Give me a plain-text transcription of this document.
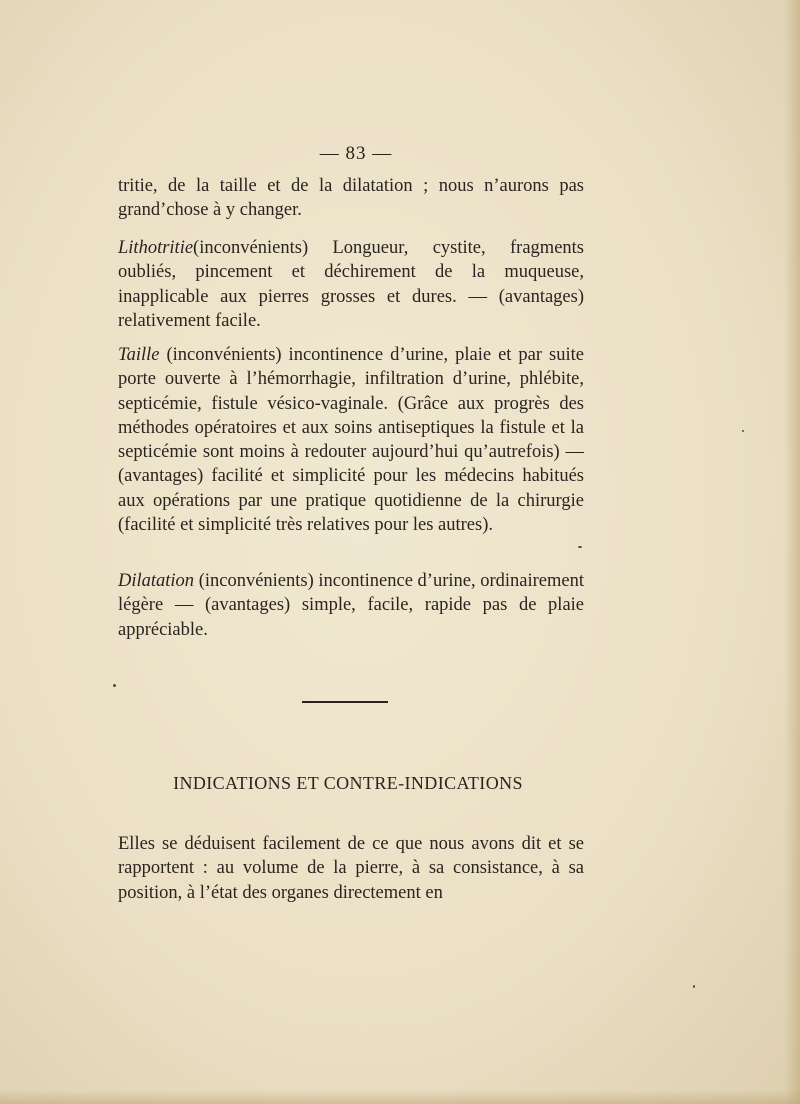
— 83 —

tritie, de la taille et de la dilatation ; nous n’aurons pas grand’chose à y changer.

Lithotritie(inconvénients) Longueur, cystite, fragments oubliés, pincement et déchirement de la muqueuse, inapplicable aux pierres grosses et dures. — (avantages) relativement facile.

Taille (inconvénients) incontinence d’urine, plaie et par suite porte ouverte à l’hémorrhagie, infiltration d’urine, phlébite, septicémie, fistule vésico-vaginale. (Grâce aux progrès des méthodes opératoires et aux soins antiseptiques la fistule et la septicémie sont moins à redouter aujourd’hui qu’autrefois) — (avantages) facilité et simplicité pour les médecins habitués aux opérations par une pratique quotidienne de la chirurgie (facilité et simplicité très relatives pour les autres).

Dilatation (inconvénients) incontinence d’urine, ordinairement légère — (avantages) simple, facile, rapide pas de plaie appréciable.

INDICATIONS ET CONTRE-INDICATIONS

Elles se déduisent facilement de ce que nous avons dit et se rapportent : au volume de la pierre, à sa consistance, à sa position, à l’état des organes directement en
